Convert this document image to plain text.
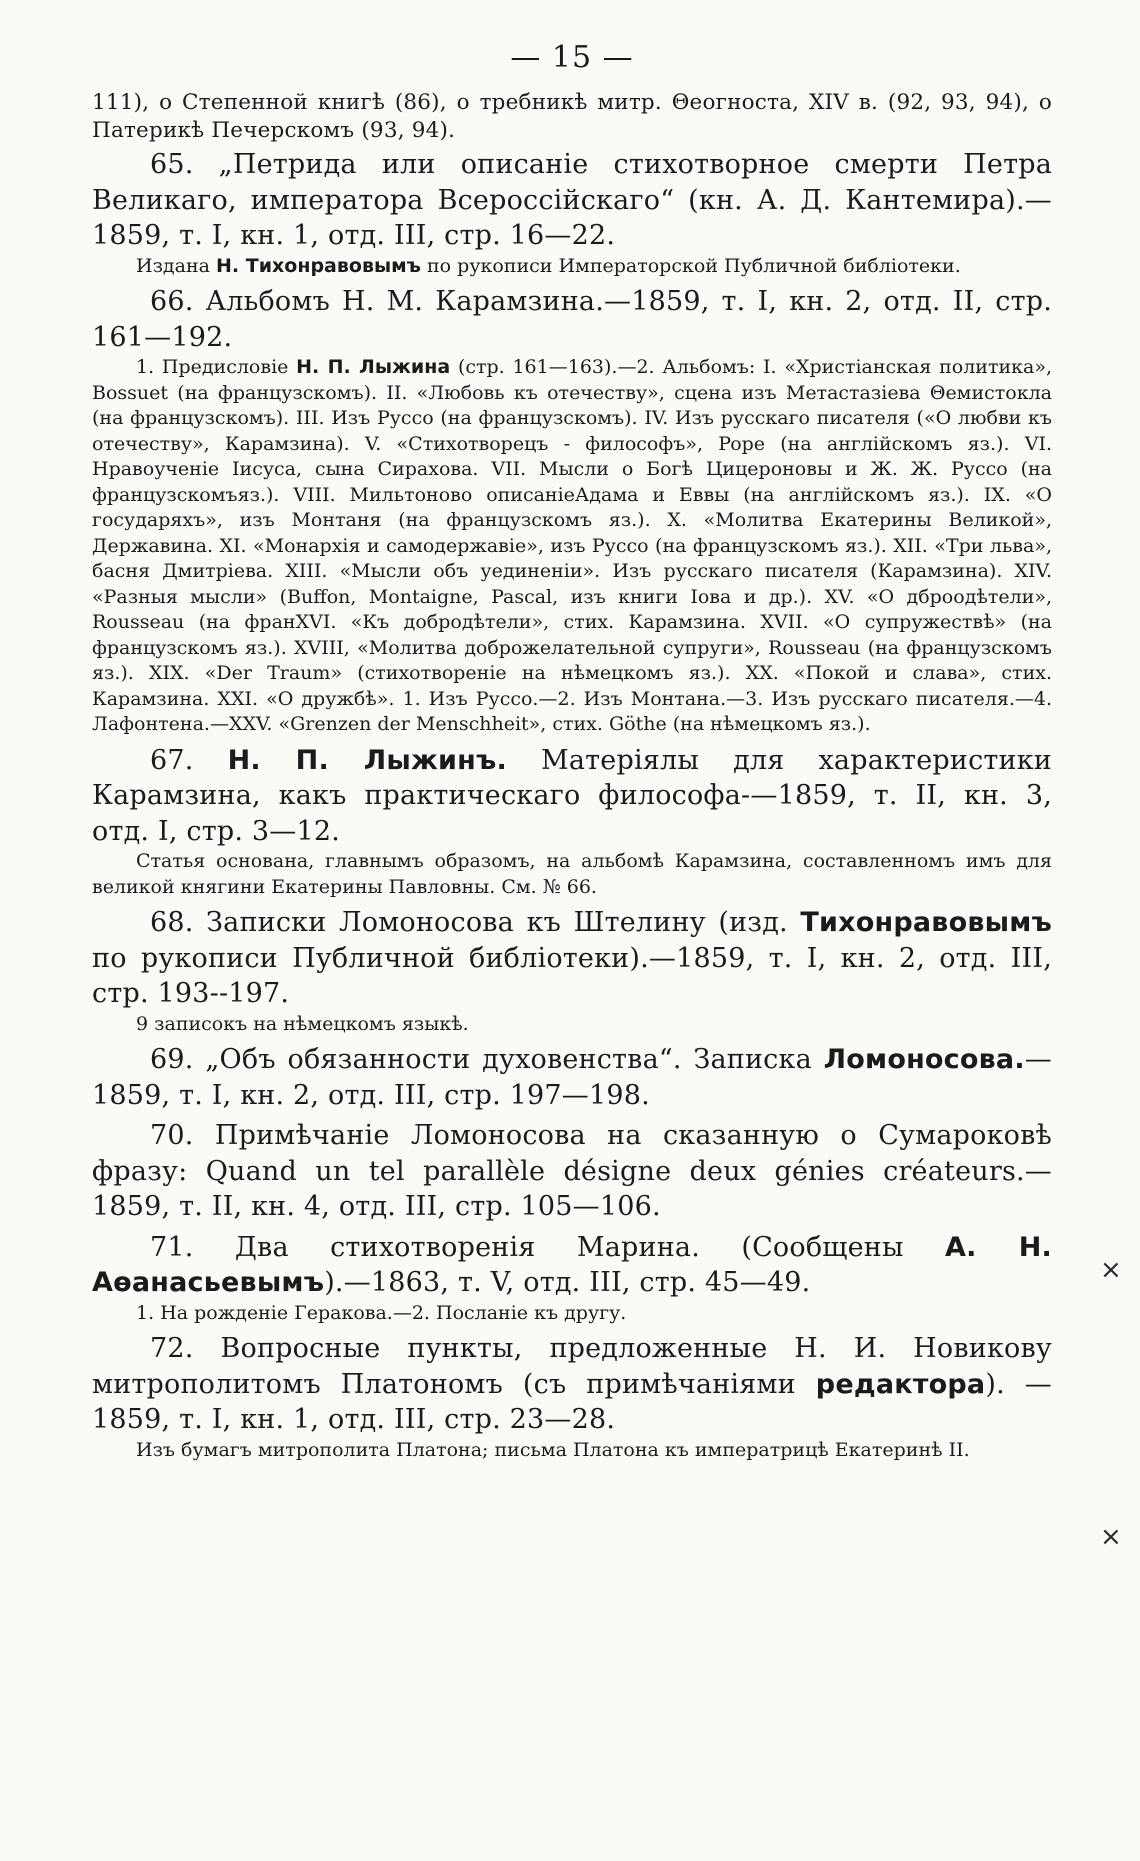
— 15 —

111), о Степенной книгѣ (86), о требникѣ митр. Θеогноста, XIV в. (92, 93, 94), о Патерикѣ Печерскомъ (93, 94).

65. „Петрида или описаніе стихотворное смерти Петра Великаго, императора Всероссійскаго“ (кн. А. Д. Кантемира).— 1859, т. I, кн. 1, отд. III, стр. 16—22.

Издана Н. Тихонравовымъ по рукописи Императорской Публичной библіотеки.

66. Альбомъ Н. М. Карамзина.—1859, т. I, кн. 2, отд. II, стр. 161—192.

1. Предисловіе Н. П. Лыжина (стр. 161—163).—2. Альбомъ: I. «Христіанская политика», Bossuet (на французскомъ). II. «Любовь къ отечеству», сцена изъ Метастазіева Θемистокла (на французскомъ). III. Изъ Руссо (на французскомъ). IV. Изъ русскаго писателя («О любви къ отечеству», Карамзина). V. «Стихотворецъ - философъ», Pope (на англійскомъ яз.). VI. Нравоученіе Іисуса, сына Сирахова. VII. Мысли о Богѣ Цицероновы и Ж. Ж. Руссо (на французскомъяз.). VIII. Мильтоново описаніеАдама и Еввы (на англійскомъ яз.). IX. «О государяхъ», изъ Монтаня (на французскомъ яз.). X. «Молитва Екатерины Великой», Державина. XI. «Монархія и самодержавіе», изъ Руссо (на французскомъ яз.). XII. «Три льва», басня Дмитріева. XIII. «Мысли объ уединеніи». Изъ русскаго писателя (Карамзина). XIV. «Разныя мысли» (Buffon, Montaigne, Pascal, изъ книги Іова и др.). XV. «О дброодѣтели», Rousseau (на франXVI. «Къ добродѣтели», стих. Карамзина. XVII. «О супружествѣ» (на французскомъ яз.). XVIII, «Молитва доброжелательной супруги», Rousseau (на французскомъ яз.). XIX. «Der Traum» (стихотвореніе на нѣмецкомъ яз.). XX. «Покой и слава», стих. Карамзина. XXI. «О дружбѣ». 1. Изъ Руссо.—2. Изъ Монтана.—3. Изъ русскаго писателя.—4. Лафонтена.—XXV. «Grenzen der Menschheit», стих. Göthe (на нѣмецкомъ яз.).

67. Н. П. Лыжинъ. Матеріялы для характеристики Карамзина, какъ практическаго философа-—1859, т. II, кн. 3, отд. I, стр. 3—12.

Статья основана, главнымъ образомъ, на альбомѣ Карамзина, составленномъ имъ для великой княгини Екатерины Павловны. См. № 66.

68. Записки Ломоносова къ Штелину (изд. Тихонравовымъ по рукописи Публичной библіотеки).—1859, т. I, кн. 2, отд. III, стр. 193--197.

9 записокъ на нѣмецкомъ языкѣ.

69. „Объ обязанности духовенства“. Записка Ломоносова.— 1859, т. I, кн. 2, отд. III, стр. 197—198.

70. Примѣчаніе Ломоносова на сказанную о Сумароковѣ фразу: Quand un tel parallèle désigne deux génies créateurs.— 1859, т. II, кн. 4, отд. III, стр. 105—106.

71. Два стихотворенія Марина. (Сообщены А. Н. Аѳанасьевымъ).—1863, т. V, отд. III, стр. 45—49.

1. На рожденіе Геракова.—2. Посланіе къ другу.

72. Вопросные пункты, предложенные Н. И. Новикову митрополитомъ Платономъ (съ примѣчаніями редактора). —1859, т. I, кн. 1, отд. III, стр. 23—28.

Изъ бумагъ митрополита Платона; письма Платона къ императрицѣ Екатеринѣ II.

×
×
